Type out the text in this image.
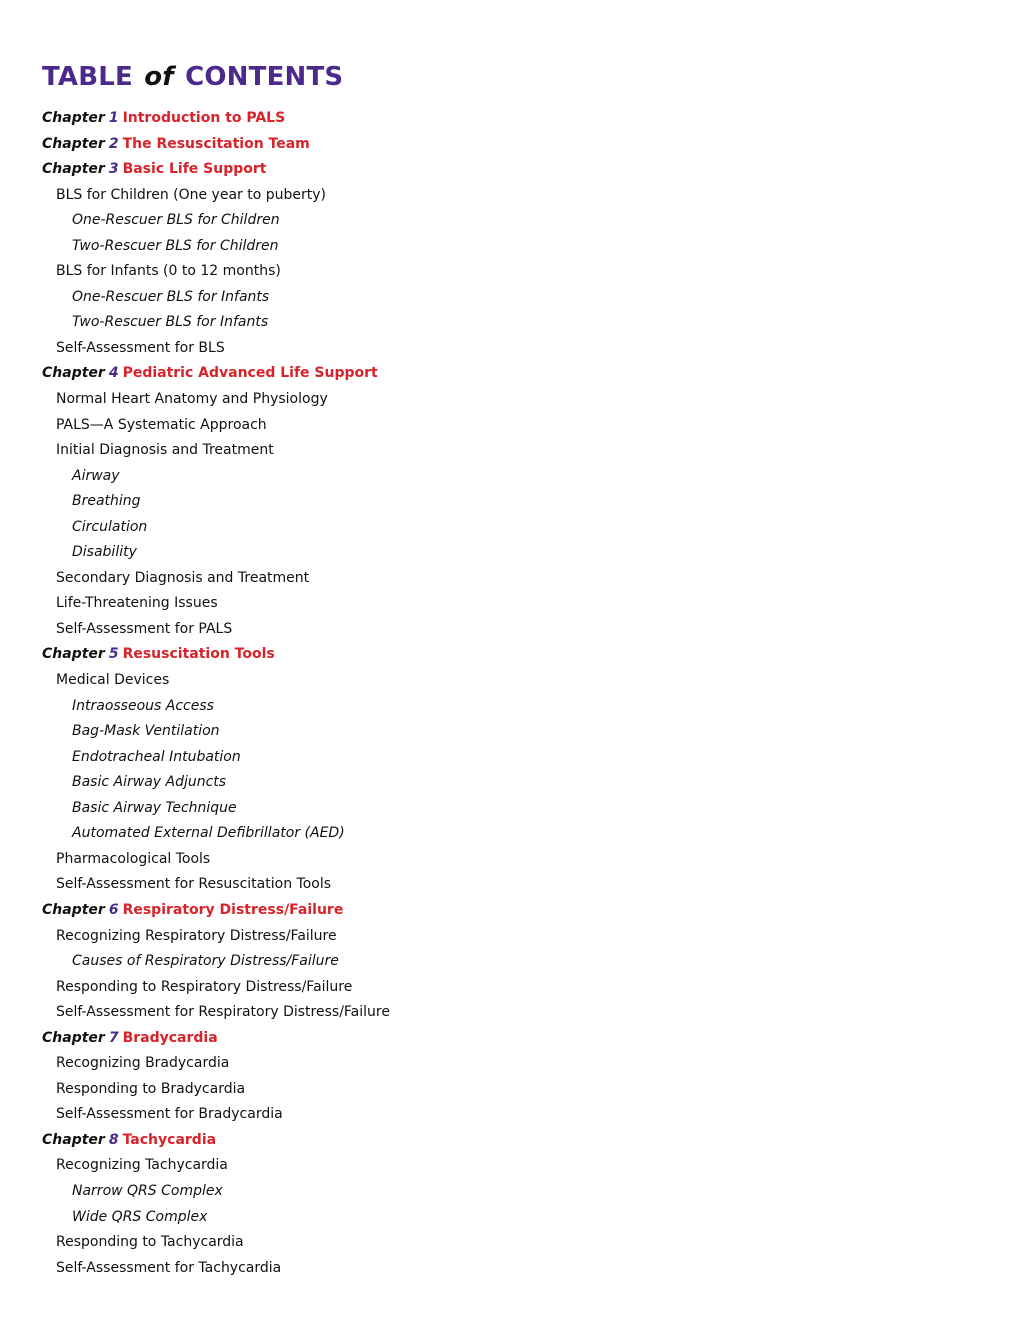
TABLE of CONTENTS
Chapter 1 Introduction to PALS
Chapter 2 The Resuscitation Team
Chapter 3 Basic Life Support
BLS for Children (One year to puberty)
One-Rescuer BLS for Children
Two-Rescuer BLS for Children
BLS for Infants (0 to 12 months)
One-Rescuer BLS for Infants
Two-Rescuer BLS for Infants
Self-Assessment for BLS
Chapter 4 Pediatric Advanced Life Support
Normal Heart Anatomy and Physiology
PALS—A Systematic Approach
Initial Diagnosis and Treatment
Airway
Breathing
Circulation
Disability
Secondary Diagnosis and Treatment
Life-Threatening Issues
Self-Assessment for PALS
Chapter 5 Resuscitation Tools
Medical Devices
Intraosseous Access
Bag-Mask Ventilation
Endotracheal Intubation
Basic Airway Adjuncts
Basic Airway Technique
Automated External Defibrillator (AED)
Pharmacological Tools
Self-Assessment for Resuscitation Tools
Chapter 6 Respiratory Distress/Failure
Recognizing Respiratory Distress/Failure
Causes of Respiratory Distress/Failure
Responding to Respiratory Distress/Failure
Self-Assessment for Respiratory Distress/Failure
Chapter 7 Bradycardia
Recognizing Bradycardia
Responding to Bradycardia
Self-Assessment for Bradycardia
Chapter 8 Tachycardia
Recognizing Tachycardia
Narrow QRS Complex
Wide QRS Complex
Responding to Tachycardia
Self-Assessment for Tachycardia
